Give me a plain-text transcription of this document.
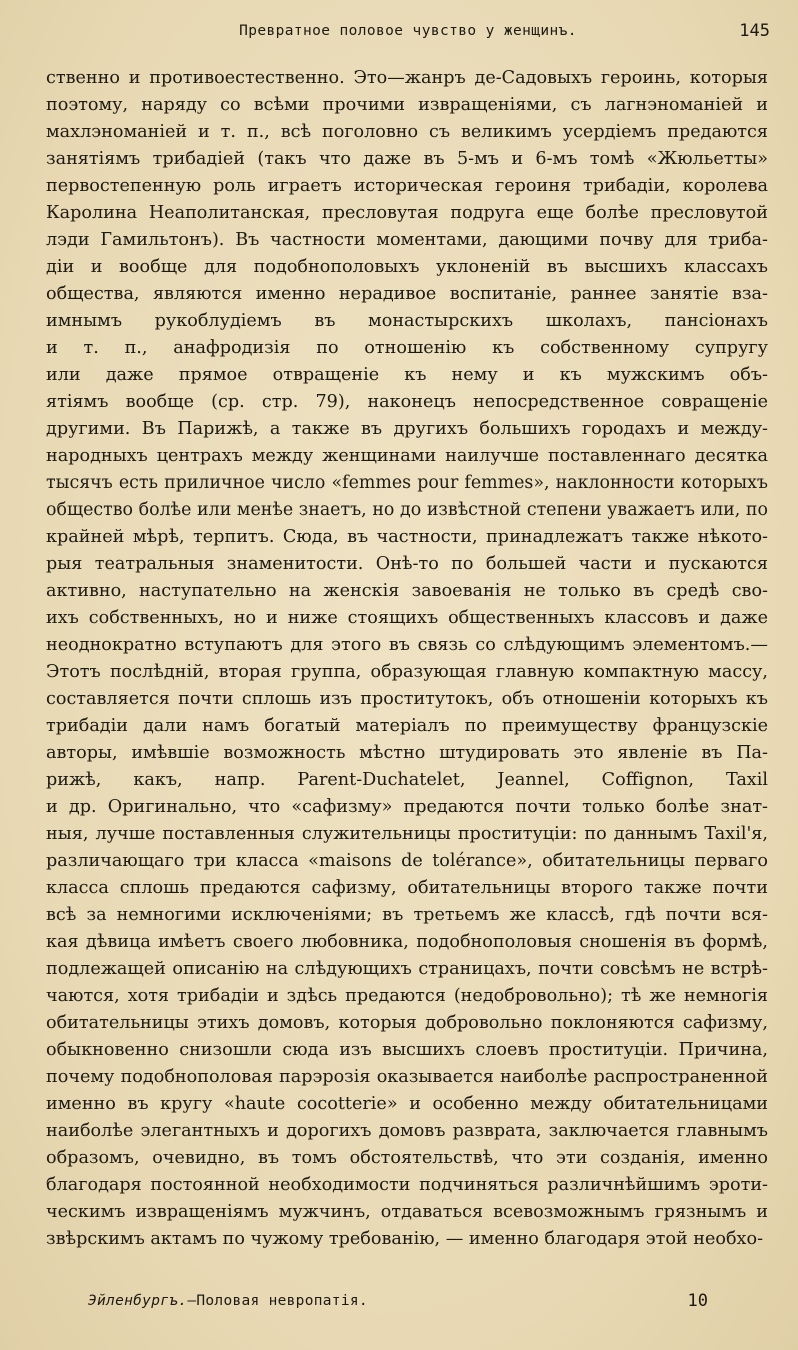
Превратное половое чувство у женщинъ.	145
ственно и противоестественно. Это—жанръ де-Садовыхъ героинь, которыя
поэтому, наряду со всѣми прочими извращеніями, съ лагнэноманіей и
махлэноманіей и т. п., всѣ поголовно съ великимъ усердіемъ предаются
занятіямъ трибадіей (такъ что даже въ 5-мъ и 6-мъ томѣ «Жюльетты»
первостепенную роль играетъ историческая героиня трибадіи, королева
Каролина Неаполитанская, пресловутая подруга еще болѣе пресловутой
лэди Гамильтонъ). Въ частности моментами, дающими почву для триба-
діи и вообще для подобнополовыхъ уклоненій въ высшихъ классахъ
общества, являются именно нерадивое воспитаніе, раннее занятіе вза-
имнымъ рукоблудіемъ въ монастырскихъ школахъ, пансіонахъ
и т. п., анафродизія по отношенію къ собственному супругу
или даже прямое отвращеніе къ нему и къ мужскимъ объ-
ятіямъ вообще (ср. стр. 79), наконецъ непосредственное совращеніе
другими. Въ Парижѣ, а также въ другихъ большихъ городахъ и между-
народныхъ центрахъ между женщинами наилучше поставленнаго десятка
тысячъ есть приличное число «femmes pour femmes», наклонности которыхъ
общество болѣе или менѣе знаетъ, но до извѣстной степени уважаетъ или, по
крайней мѣрѣ, терпитъ. Сюда, въ частности, принадлежатъ также нѣкото-
рыя театральныя знаменитости. Онѣ-то по большей части и пускаются
активно, наступательно на женскія завоеванія не только въ средѣ сво-
ихъ собственныхъ, но и ниже стоящихъ общественныхъ классовъ и даже
неоднократно вступаютъ для этого въ связь со слѣдующимъ элементомъ.—
Этотъ послѣдній, вторая группа, образующая главную компактную массу,
составляется почти сплошь изъ проститутокъ, объ отношеніи которыхъ къ
трибадіи дали намъ богатый матеріалъ по преимуществу французскіе
авторы, имѣвшіе возможность мѣстно штудировать это явленіе въ Па-
рижѣ, какъ, напр. Parent-Duchatelet, Jeannel, Coffignon, Taxil
и др. Оригинально, что «сафизму» предаются почти только болѣе знат-
ныя, лучше поставленныя служительницы проституціи: по даннымъ Taxil'я,
различающаго три класса «maisons de tolérance», обитательницы перваго
класса сплошь предаются сафизму, обитательницы второго также почти
всѣ за немногими исключеніями; въ третьемъ же классѣ, гдѣ почти вся-
кая дѣвица имѣетъ своего любовника, подобнополовыя сношенія въ формѣ,
подлежащей описанію на слѣдующихъ страницахъ, почти совсѣмъ не встрѣ-
чаются, хотя трибадіи и здѣсь предаются (недобровольно); тѣ же немногія
обитательницы этихъ домовъ, которыя добровольно поклоняются сафизму,
обыкновенно снизошли сюда изъ высшихъ слоевъ проституціи. Причина,
почему подобнополовая парэрозія оказывается наиболѣе распространенной
именно въ кругу «haute cocotterie» и особенно между обитательницами
наиболѣе элегантныхъ и дорогихъ домовъ разврата, заключается главнымъ
образомъ, очевидно, въ томъ обстоятельствѣ, что эти созданія, именно
благодаря постоянной необходимости подчиняться различнѣйшимъ эроти-
ческимъ извращеніямъ мужчинъ, отдаваться всевозможнымъ грязнымъ и
звѣрскимъ актамъ по чужому требованію, — именно благодаря этой необхо-
Эйленбургъ.—Половая невропатія.	10
